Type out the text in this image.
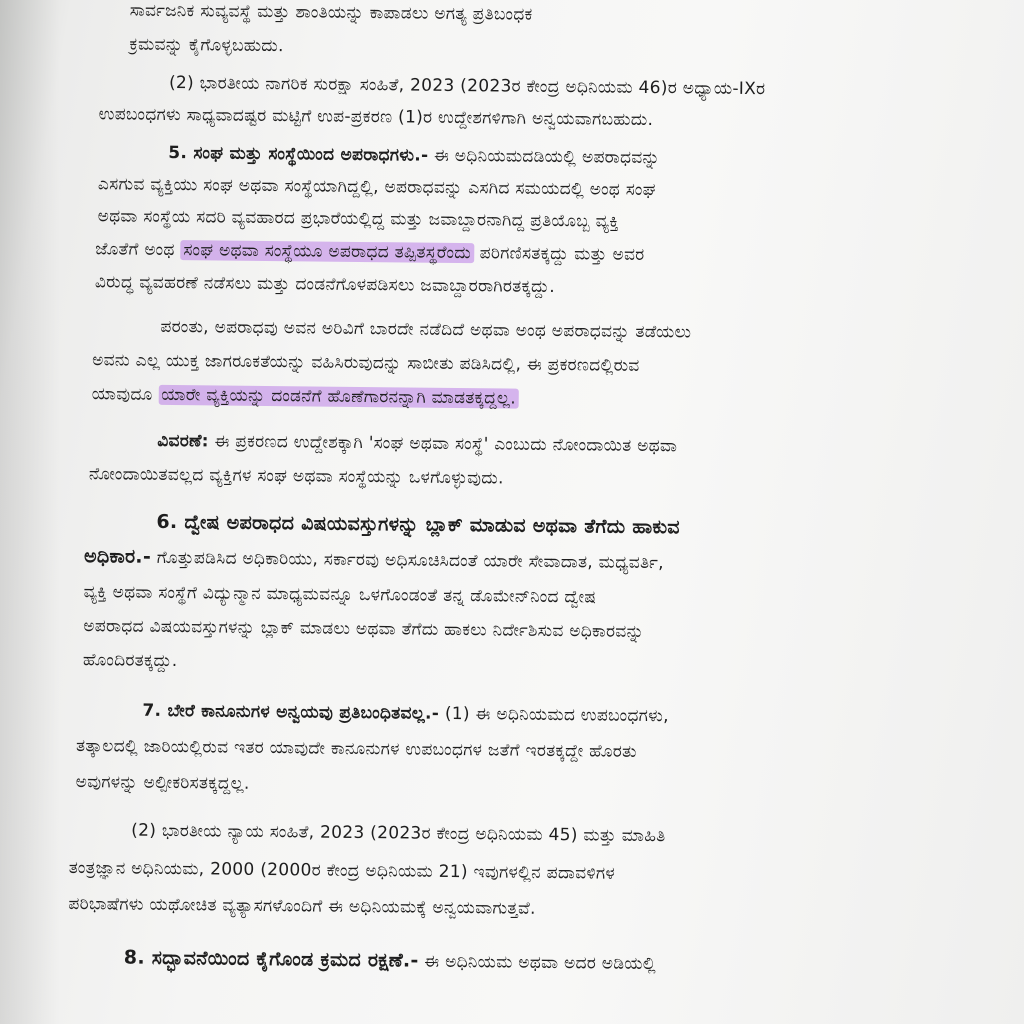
ಸಾರ್ವಜನಿಕ ಸುವ್ಯವಸ್ಥೆ ಮತ್ತು ಶಾಂತಿಯನ್ನು ಕಾಪಾಡಲು ಅಗತ್ಯ ಪ್ರತಿಬಂಧಕ
ಕ್ರಮವನ್ನು ಕೈಗೊಳ್ಳಬಹುದು.
(2) ಭಾರತೀಯ ನಾಗರಿಕ ಸುರಕ್ಷಾ ಸಂಹಿತೆ, 2023 (2023ರ ಕೇಂದ್ರ ಅಧಿನಿಯಮ 46)ರ ಅಧ್ಯಾಯ-IXರ
ಉಪಬಂಧಗಳು ಸಾಧ್ಯವಾದಷ್ಟರ ಮಟ್ಟಿಗೆ ಉಪ-ಪ್ರಕರಣ (1)ರ ಉದ್ದೇಶಗಳಿಗಾಗಿ ಅನ್ವಯವಾಗಬಹುದು.
5. ಸಂಘ ಮತ್ತು ಸಂಸ್ಥೆಯಿಂದ ಅಪರಾಧಗಳು.- ಈ ಅಧಿನಿಯಮದಡಿಯಲ್ಲಿ ಅಪರಾಧವನ್ನು
ಎಸಗುವ ವ್ಯಕ್ತಿಯು ಸಂಘ ಅಥವಾ ಸಂಸ್ಥೆಯಾಗಿದ್ದಲ್ಲಿ, ಅಪರಾಧವನ್ನು ಎಸಗಿದ ಸಮಯದಲ್ಲಿ ಅಂಥ ಸಂಘ
ಅಥವಾ ಸಂಸ್ಥೆಯ ಸದರಿ ವ್ಯವಹಾರದ ಪ್ರಭಾರೆಯಲ್ಲಿದ್ದ ಮತ್ತು ಜವಾಬ್ದಾರನಾಗಿದ್ದ ಪ್ರತಿಯೊಬ್ಬ ವ್ಯಕ್ತಿ
ಜೊತೆಗೆ ಅಂಥ ಸಂಘ ಅಥವಾ ಸಂಸ್ಥೆಯೂ ಅಪರಾಧದ ತಪ್ಪಿತಸ್ಥರೆಂದು ಪರಿಗಣಿಸತಕ್ಕದ್ದು ಮತ್ತು ಅವರ
ವಿರುದ್ಧ ವ್ಯವಹರಣೆ ನಡೆಸಲು ಮತ್ತು ದಂಡನೆಗೊಳಪಡಿಸಲು ಜವಾಬ್ದಾರರಾಗಿರತಕ್ಕದ್ದು.
ಪರಂತು, ಅಪರಾಧವು ಅವನ ಅರಿವಿಗೆ ಬಾರದೇ ನಡೆದಿದೆ ಅಥವಾ ಅಂಥ ಅಪರಾಧವನ್ನು ತಡೆಯಲು
ಅವನು ಎಲ್ಲ ಯುಕ್ತ ಜಾಗರೂಕತೆಯನ್ನು ವಹಿಸಿರುವುದನ್ನು ಸಾಬೀತು ಪಡಿಸಿದಲ್ಲಿ, ಈ ಪ್ರಕರಣದಲ್ಲಿರುವ
ಯಾವುದೂ ಯಾರೇ ವ್ಯಕ್ತಿಯನ್ನು ದಂಡನೆಗೆ ಹೊಣೆಗಾರನನ್ನಾಗಿ ಮಾಡತಕ್ಕದ್ದಲ್ಲ.
ವಿವರಣೆ: ಈ ಪ್ರಕರಣದ ಉದ್ದೇಶಕ್ಕಾಗಿ 'ಸಂಘ ಅಥವಾ ಸಂಸ್ಥೆ' ಎಂಬುದು ನೋಂದಾಯಿತ ಅಥವಾ
ನೋಂದಾಯಿತವಲ್ಲದ ವ್ಯಕ್ತಿಗಳ ಸಂಘ ಅಥವಾ ಸಂಸ್ಥೆಯನ್ನು ಒಳಗೊಳ್ಳುವುದು.
6. ದ್ವೇಷ ಅಪರಾಧದ ವಿಷಯವಸ್ತುಗಳನ್ನು ಬ್ಲಾಕ್ ಮಾಡುವ ಅಥವಾ ತೆಗೆದು ಹಾಕುವ
ಅಧಿಕಾರ.- ಗೊತ್ತುಪಡಿಸಿದ ಅಧಿಕಾರಿಯು, ಸರ್ಕಾರವು ಅಧಿಸೂಚಿಸಿದಂತೆ ಯಾರೇ ಸೇವಾದಾತ, ಮಧ್ಯವರ್ತಿ,
ವ್ಯಕ್ತಿ ಅಥವಾ ಸಂಸ್ಥೆಗೆ ವಿದ್ಯುನ್ಮಾನ ಮಾಧ್ಯಮವನ್ನೂ ಒಳಗೊಂಡಂತೆ ತನ್ನ ಡೊಮೇನ್‌ನಿಂದ ದ್ವೇಷ
ಅಪರಾಧದ ವಿಷಯವಸ್ತುಗಳನ್ನು ಬ್ಲಾಕ್ ಮಾಡಲು ಅಥವಾ ತೆಗೆದು ಹಾಕಲು ನಿರ್ದೇಶಿಸುವ ಅಧಿಕಾರವನ್ನು
ಹೊಂದಿರತಕ್ಕದ್ದು.
7. ಬೇರೆ ಕಾನೂನುಗಳ ಅನ್ವಯವು ಪ್ರತಿಬಂಧಿತವಲ್ಲ.- (1) ಈ ಅಧಿನಿಯಮದ ಉಪಬಂಧಗಳು,
ತತ್ಕಾಲದಲ್ಲಿ ಜಾರಿಯಲ್ಲಿರುವ ಇತರ ಯಾವುದೇ ಕಾನೂನುಗಳ ಉಪಬಂಧಗಳ ಜತೆಗೆ ಇರತಕ್ಕದ್ದೇ ಹೊರತು
ಅವುಗಳನ್ನು ಅಲ್ಪೀಕರಿಸತಕ್ಕದ್ದಲ್ಲ.
(2) ಭಾರತೀಯ ನ್ಯಾಯ ಸಂಹಿತೆ, 2023 (2023ರ ಕೇಂದ್ರ ಅಧಿನಿಯಮ 45) ಮತ್ತು ಮಾಹಿತಿ
ತಂತ್ರಜ್ಞಾನ ಅಧಿನಿಯಮ, 2000 (2000ರ ಕೇಂದ್ರ ಅಧಿನಿಯಮ 21) ಇವುಗಳಲ್ಲಿನ ಪದಾವಳಿಗಳ
ಪರಿಭಾಷೆಗಳು ಯಥೋಚಿತ ವ್ಯತ್ಯಾಸಗಳೊಂದಿಗೆ ಈ ಅಧಿನಿಯಮಕ್ಕೆ ಅನ್ವಯವಾಗುತ್ತವೆ.
8. ಸದ್ಭಾವನೆಯಿಂದ ಕೈಗೊಂಡ ಕ್ರಮದ ರಕ್ಷಣೆ.- ಈ ಅಧಿನಿಯಮ ಅಥವಾ ಅದರ ಅಡಿಯಲ್ಲಿ
